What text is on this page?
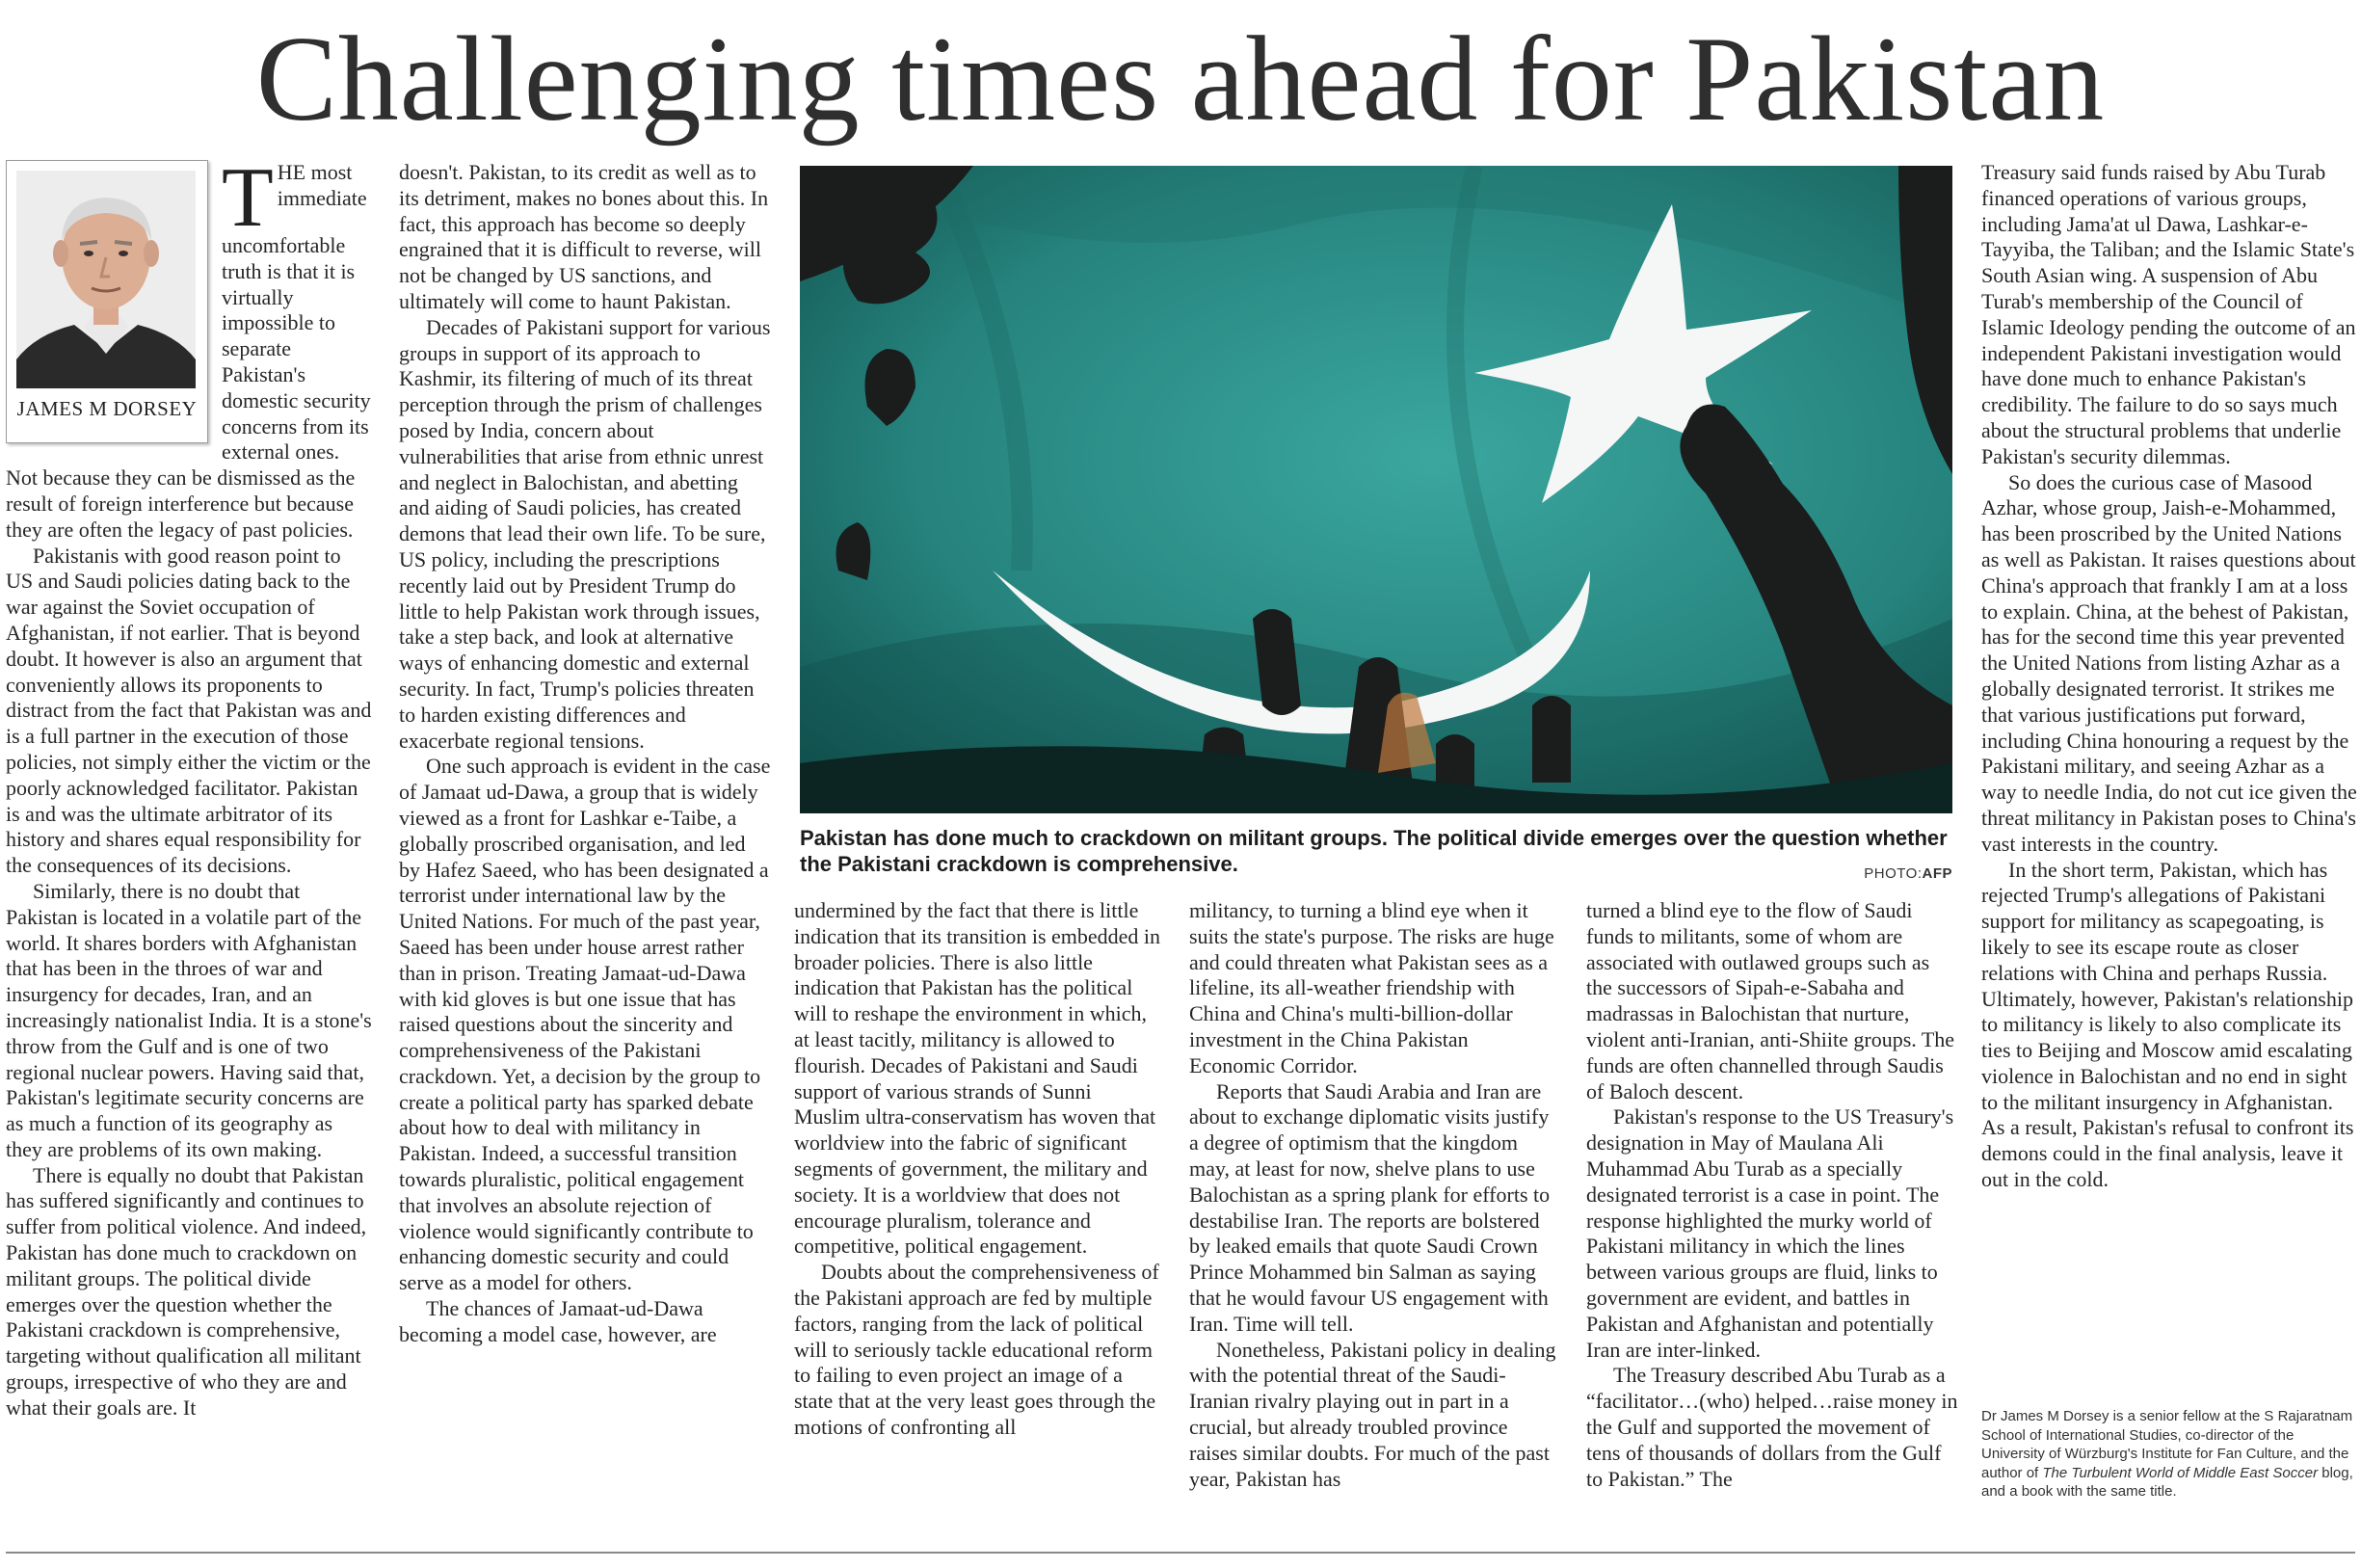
Challenging times ahead for Pakistan
JAMES M DORSEY
T HE most immediate uncomfortable truth is that it is virtually impossible to separate Pakistan's domestic security concerns from its external ones. Not because they can be dismissed as the result of foreign interference but because they are often the legacy of past policies.

Pakistanis with good reason point to US and Saudi policies dating back to the war against the Soviet occupation of Afghanistan, if not earlier. That is beyond doubt. It however is also an argument that conveniently allows its proponents to distract from the fact that Pakistan was and is a full partner in the execution of those policies, not simply either the victim or the poorly acknowledged facilitator. Pakistan is and was the ultimate arbitrator of its history and shares equal responsibility for the consequences of its decisions.

Similarly, there is no doubt that Pakistan is located in a volatile part of the world. It shares borders with Afghanistan that has been in the throes of war and insurgency for decades, Iran, and an increasingly nationalist India. It is a stone's throw from the Gulf and is one of two regional nuclear powers. Having said that, Pakistan's legitimate security concerns are as much a function of its geography as they are problems of its own making.

There is equally no doubt that Pakistan has suffered significantly and continues to suffer from political violence. And indeed, Pakistan has done much to crackdown on militant groups. The political divide emerges over the question whether the Pakistani crackdown is comprehensive, targeting without qualification all militant groups, irrespective of who they are and what their goals are. It

doesn't. Pakistan, to its credit as well as to its detriment, makes no bones about this. In fact, this approach has become so deeply engrained that it is difficult to reverse, will not be changed by US sanctions, and ultimately will come to haunt Pakistan.

Decades of Pakistani support for various groups in support of its approach to Kashmir, its filtering of much of its threat perception through the prism of challenges posed by India, concern about vulnerabilities that arise from ethnic unrest and neglect in Balochistan, and abetting and aiding of Saudi policies, has created demons that lead their own life. To be sure, US policy, including the prescriptions recently laid out by President Trump do little to help Pakistan work through issues, take a step back, and look at alternative ways of enhancing domestic and external security. In fact, Trump's policies threaten to harden existing differences and exacerbate regional tensions.

One such approach is evident in the case of Jamaat ud-Dawa, a group that is widely viewed as a front for Lashkar e-Taibe, a globally proscribed organisation, and led by Hafez Saeed, who has been designated a terrorist under international law by the United Nations. For much of the past year, Saeed has been under house arrest rather than in prison. Treating Jamaat-ud-Dawa with kid gloves is but one issue that has raised questions about the sincerity and comprehensiveness of the Pakistani crackdown. Yet, a decision by the group to create a political party has sparked debate about how to deal with militancy in Pakistan. Indeed, a successful transition towards pluralistic, political engagement that involves an absolute rejection of violence would significantly contribute to enhancing domestic security and could serve as a model for others.

The chances of Jamaat-ud-Dawa becoming a model case, however, are

Pakistan has done much to crackdown on militant groups. The political divide emerges over the question whether the Pakistani crackdown is comprehensive.	PHOTO:AFP

undermined by the fact that there is little indication that its transition is embedded in broader policies. There is also little indication that Pakistan has the political will to reshape the environment in which, at least tacitly, militancy is allowed to flourish. Decades of Pakistani and Saudi support of various strands of Sunni Muslim ultra-conservatism has woven that worldview into the fabric of significant segments of government, the military and society. It is a worldview that does not encourage pluralism, tolerance and competitive, political engagement.

Doubts about the comprehensiveness of the Pakistani approach are fed by multiple factors, ranging from the lack of political will to seriously tackle educational reform to failing to even project an image of a state that at the very least goes through the motions of confronting all

militancy, to turning a blind eye when it suits the state's purpose. The risks are huge and could threaten what Pakistan sees as a lifeline, its all-weather friendship with China and China's multi-billion-dollar investment in the China Pakistan Economic Corridor.

Reports that Saudi Arabia and Iran are about to exchange diplomatic visits justify a degree of optimism that the kingdom may, at least for now, shelve plans to use Balochistan as a spring plank for efforts to destabilise Iran. The reports are bolstered by leaked emails that quote Saudi Crown Prince Mohammed bin Salman as saying that he would favour US engagement with Iran. Time will tell.

Nonetheless, Pakistani policy in dealing with the potential threat of the Saudi-Iranian rivalry playing out in part in a crucial, but already troubled province raises similar doubts. For much of the past year, Pakistan has

turned a blind eye to the flow of Saudi funds to militants, some of whom are associated with outlawed groups such as the successors of Sipah-e-Sabaha and madrassas in Balochistan that nurture, violent anti-Iranian, anti-Shiite groups. The funds are often channelled through Saudis of Baloch descent.

Pakistan's response to the US Treasury's designation in May of Maulana Ali Muhammad Abu Turab as a specially designated terrorist is a case in point. The response highlighted the murky world of Pakistani militancy in which the lines between various groups are fluid, links to government are evident, and battles in Pakistan and Afghanistan and potentially Iran are inter-linked.

The Treasury described Abu Turab as a “facilitator…(who) helped…raise money in the Gulf and supported the movement of tens of thousands of dollars from the Gulf to Pakistan.” The

Treasury said funds raised by Abu Turab financed operations of various groups, including Jama'at ul Dawa, Lashkar-e-Tayyiba, the Taliban; and the Islamic State's South Asian wing. A suspension of Abu Turab's membership of the Council of Islamic Ideology pending the outcome of an independent Pakistani investigation would have done much to enhance Pakistan's credibility. The failure to do so says much about the structural problems that underlie Pakistan's security dilemmas.

So does the curious case of Masood Azhar, whose group, Jaish-e-Mohammed, has been proscribed by the United Nations as well as Pakistan. It raises questions about China's approach that frankly I am at a loss to explain. China, at the behest of Pakistan, has for the second time this year prevented the United Nations from listing Azhar as a globally designated terrorist. It strikes me that various justifications put forward, including China honouring a request by the Pakistani military, and seeing Azhar as a way to needle India, do not cut ice given the threat militancy in Pakistan poses to China's vast interests in the country.

In the short term, Pakistan, which has rejected Trump's allegations of Pakistani support for militancy as scapegoating, is likely to see its escape route as closer relations with China and perhaps Russia. Ultimately, however, Pakistan's relationship to militancy is likely to also complicate its ties to Beijing and Moscow amid escalating violence in Balochistan and no end in sight to the militant insurgency in Afghanistan. As a result, Pakistan's refusal to confront its demons could in the final analysis, leave it out in the cold.

Dr James M Dorsey is a senior fellow at the S Rajaratnam School of International Studies, co-director of the University of Würzburg's Institute for Fan Culture, and the author of The Turbulent World of Middle East Soccer blog, and a book with the same title.
